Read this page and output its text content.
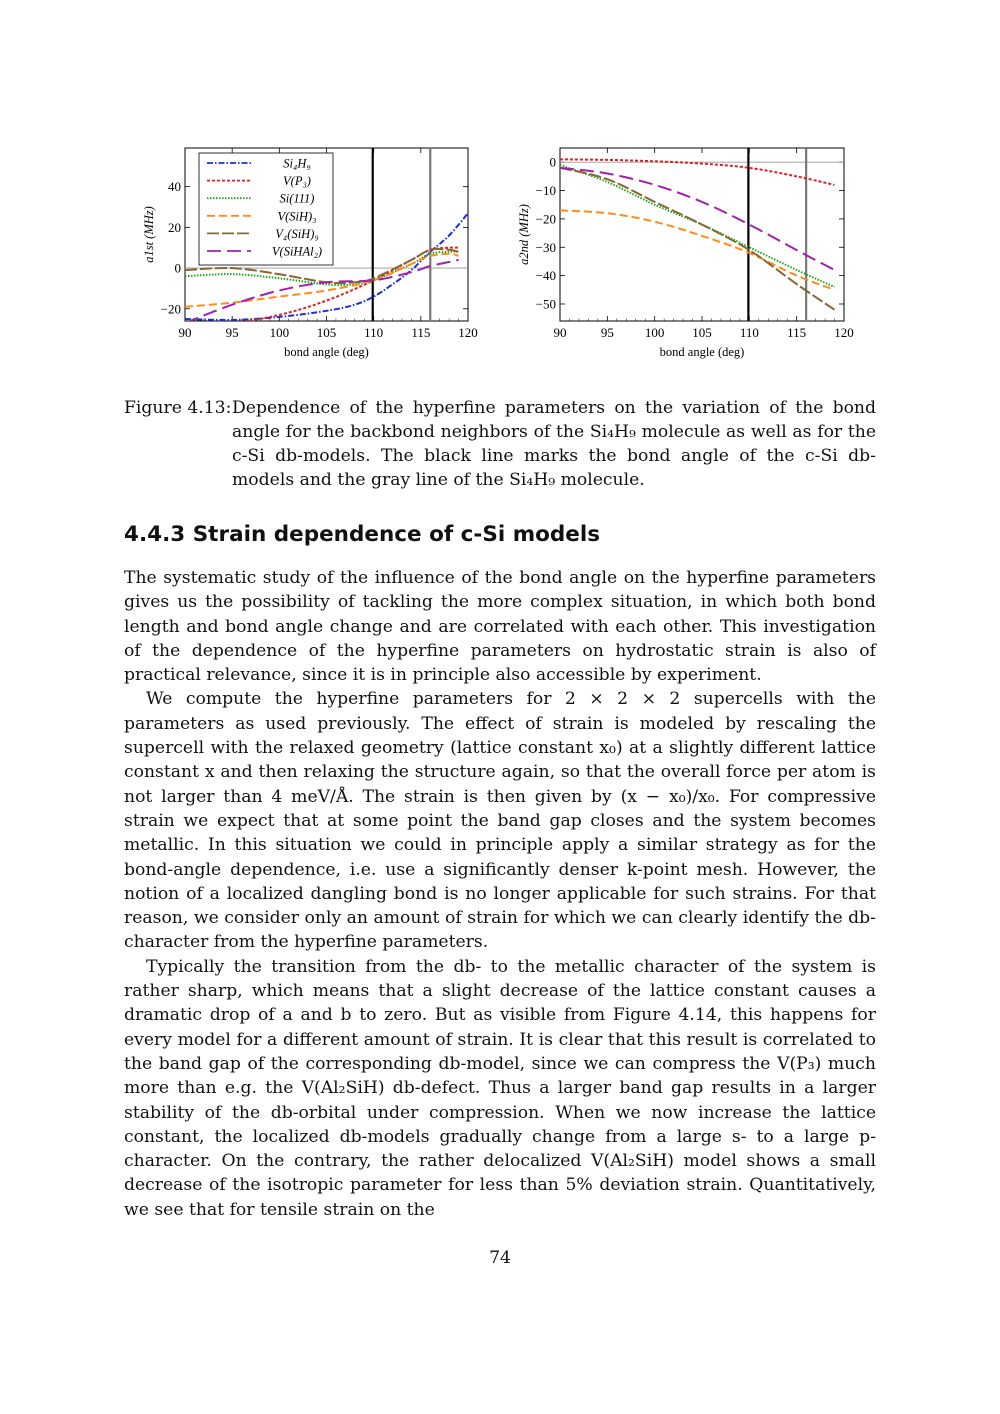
90	95 100 105 110 115 120
−20
0
20
40
bond angle (deg)
a1st (MHz)
Si₄H₉
V(P₃)
Si(111)
V(SiH)₃
V₄(SiH)₉
V(SiHAl₂)
90	95 100 105 110 115 120
0
−10
−20
−30
−40
−50
bond angle (deg)
a2nd (MHz)
Figure 4.13: Dependence of the hyperfine parameters on the variation of the bond angle for the backbond neighbors of the Si₄H₉ molecule as well as for the c-Si db-models. The black line marks the bond angle of the c-Si db-models and the gray line of the Si₄H₉ molecule.
4.4.3 Strain dependence of c-Si models

The systematic study of the influence of the bond angle on the hyperfine parameters gives us the possibility of tackling the more complex situation, in which both bond length and bond angle change and are correlated with each other. This investigation of the dependence of the hyperfine parameters on hydrostatic strain is also of practical relevance, since it is in principle also accessible by experiment.

We compute the hyperfine parameters for 2 × 2 × 2 supercells with the parameters as used previously. The effect of strain is modeled by rescaling the supercell with the relaxed geometry (lattice constant x₀) at a slightly different lattice constant x and then relaxing the structure again, so that the overall force per atom is not larger than 4 meV/Å. The strain is then given by (x − x₀)/x₀. For compressive strain we expect that at some point the band gap closes and the system becomes metallic. In this situation we could in principle apply a similar strategy as for the bond-angle dependence, i.e. use a significantly denser k-point mesh. However, the notion of a localized dangling bond is no longer applicable for such strains. For that reason, we consider only an amount of strain for which we can clearly identify the db-character from the hyperfine parameters.

Typically the transition from the db- to the metallic character of the system is rather sharp, which means that a slight decrease of the lattice constant causes a dramatic drop of a and b to zero. But as visible from Figure 4.14, this happens for every model for a different amount of strain. It is clear that this result is correlated to the band gap of the corresponding db-model, since we can compress the V(P₃) much more than e.g. the V(Al₂SiH) db-defect. Thus a larger band gap results in a larger stability of the db-orbital under compression. When we now increase the lattice constant, the localized db-models gradually change from a large s- to a large p-character. On the contrary, the rather delocalized V(Al₂SiH) model shows a small decrease of the isotropic parameter for less than 5% deviation strain. Quantitatively, we see that for tensile strain on the

74
